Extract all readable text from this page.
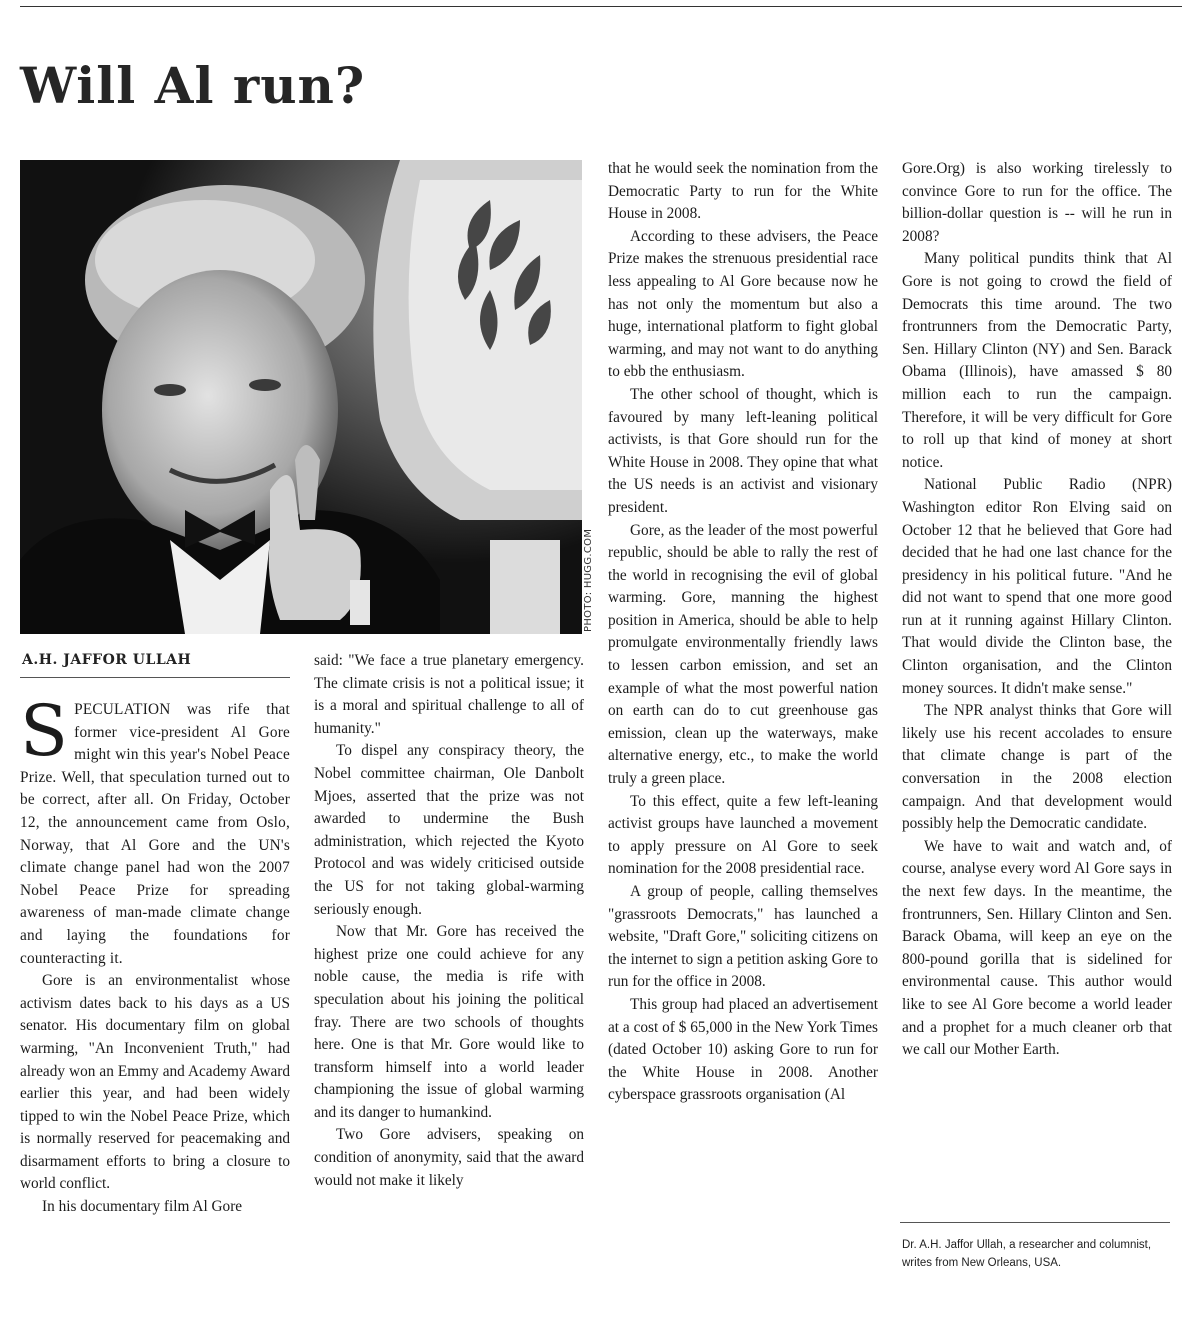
Will Al run?
PHOTO: HUGG.COM
A.H. JAFFOR ULLAH

SPECULATION was rife that former vice-president Al Gore might win this year's Nobel Peace Prize. Well, that speculation turned out to be correct, after all. On Friday, October 12, the announcement came from Oslo, Norway, that Al Gore and the UN's climate change panel had won the 2007 Nobel Peace Prize for spreading awareness of man-made climate change and laying the foundations for counteracting it.

Gore is an environmentalist whose activism dates back to his days as a US senator. His documentary film on global warming, "An Inconvenient Truth," had already won an Emmy and Academy Award earlier this year, and had been widely tipped to win the Nobel Peace Prize, which is normally reserved for peacemaking and disarmament efforts to bring a closure to world conflict.

In his documentary film Al Gore

said: "We face a true planetary emergency. The climate crisis is not a political issue; it is a moral and spiritual challenge to all of humanity."

To dispel any conspiracy theory, the Nobel committee chairman, Ole Danbolt Mjoes, asserted that the prize was not awarded to undermine the Bush administration, which rejected the Kyoto Protocol and was widely criticised outside the US for not taking global-warming seriously enough.

Now that Mr. Gore has received the highest prize one could achieve for any noble cause, the media is rife with speculation about his joining the political fray. There are two schools of thoughts here. One is that Mr. Gore would like to transform himself into a world leader championing the issue of global warming and its danger to humankind.

Two Gore advisers, speaking on condition of anonymity, said that the award would not make it likely

that he would seek the nomination from the Democratic Party to run for the White House in 2008.

According to these advisers, the Peace Prize makes the strenuous presidential race less appealing to Al Gore because now he has not only the momentum but also a huge, international platform to fight global warming, and may not want to do anything to ebb the enthusiasm.

The other school of thought, which is favoured by many left-leaning political activists, is that Gore should run for the White House in 2008. They opine that what the US needs is an activist and visionary president.

Gore, as the leader of the most powerful republic, should be able to rally the rest of the world in recognising the evil of global warming. Gore, manning the highest position in America, should be able to help promulgate environmentally friendly laws to lessen carbon emission, and set an example of what the most powerful nation on earth can do to cut greenhouse gas emission, clean up the waterways, make alternative energy, etc., to make the world truly a green place.

To this effect, quite a few left-leaning activist groups have launched a movement to apply pressure on Al Gore to seek nomination for the 2008 presidential race.

A group of people, calling themselves "grassroots Democrats," has launched a website, "Draft Gore," soliciting citizens on the internet to sign a petition asking Gore to run for the office in 2008.

This group had placed an advertisement at a cost of $ 65,000 in the New York Times (dated October 10) asking Gore to run for the White House in 2008. Another cyberspace grassroots organisation (Al

Gore.Org) is also working tirelessly to convince Gore to run for the office. The billion-dollar question is -- will he run in 2008?

Many political pundits think that Al Gore is not going to crowd the field of Democrats this time around. The two frontrunners from the Democratic Party, Sen. Hillary Clinton (NY) and Sen. Barack Obama (Illinois), have amassed $ 80 million each to run the campaign. Therefore, it will be very difficult for Gore to roll up that kind of money at short notice.

National Public Radio (NPR) Washington editor Ron Elving said on October 12 that he believed that Gore had decided that he had one last chance for the presidency in his political future. "And he did not want to spend that one more good run at it running against Hillary Clinton. That would divide the Clinton base, the Clinton organisation, and the Clinton money sources. It didn't make sense."

The NPR analyst thinks that Gore will likely use his recent accolades to ensure that climate change is part of the conversation in the 2008 election campaign. And that development would possibly help the Democratic candidate.

We have to wait and watch and, of course, analyse every word Al Gore says in the next few days. In the meantime, the frontrunners, Sen. Hillary Clinton and Sen. Barack Obama, will keep an eye on the 800-pound gorilla that is sidelined for environmental cause. This author would like to see Al Gore become a world leader and a prophet for a much cleaner orb that we call our Mother Earth.

Dr. A.H. Jaffor Ullah, a researcher and columnist, writes from New Orleans, USA.
